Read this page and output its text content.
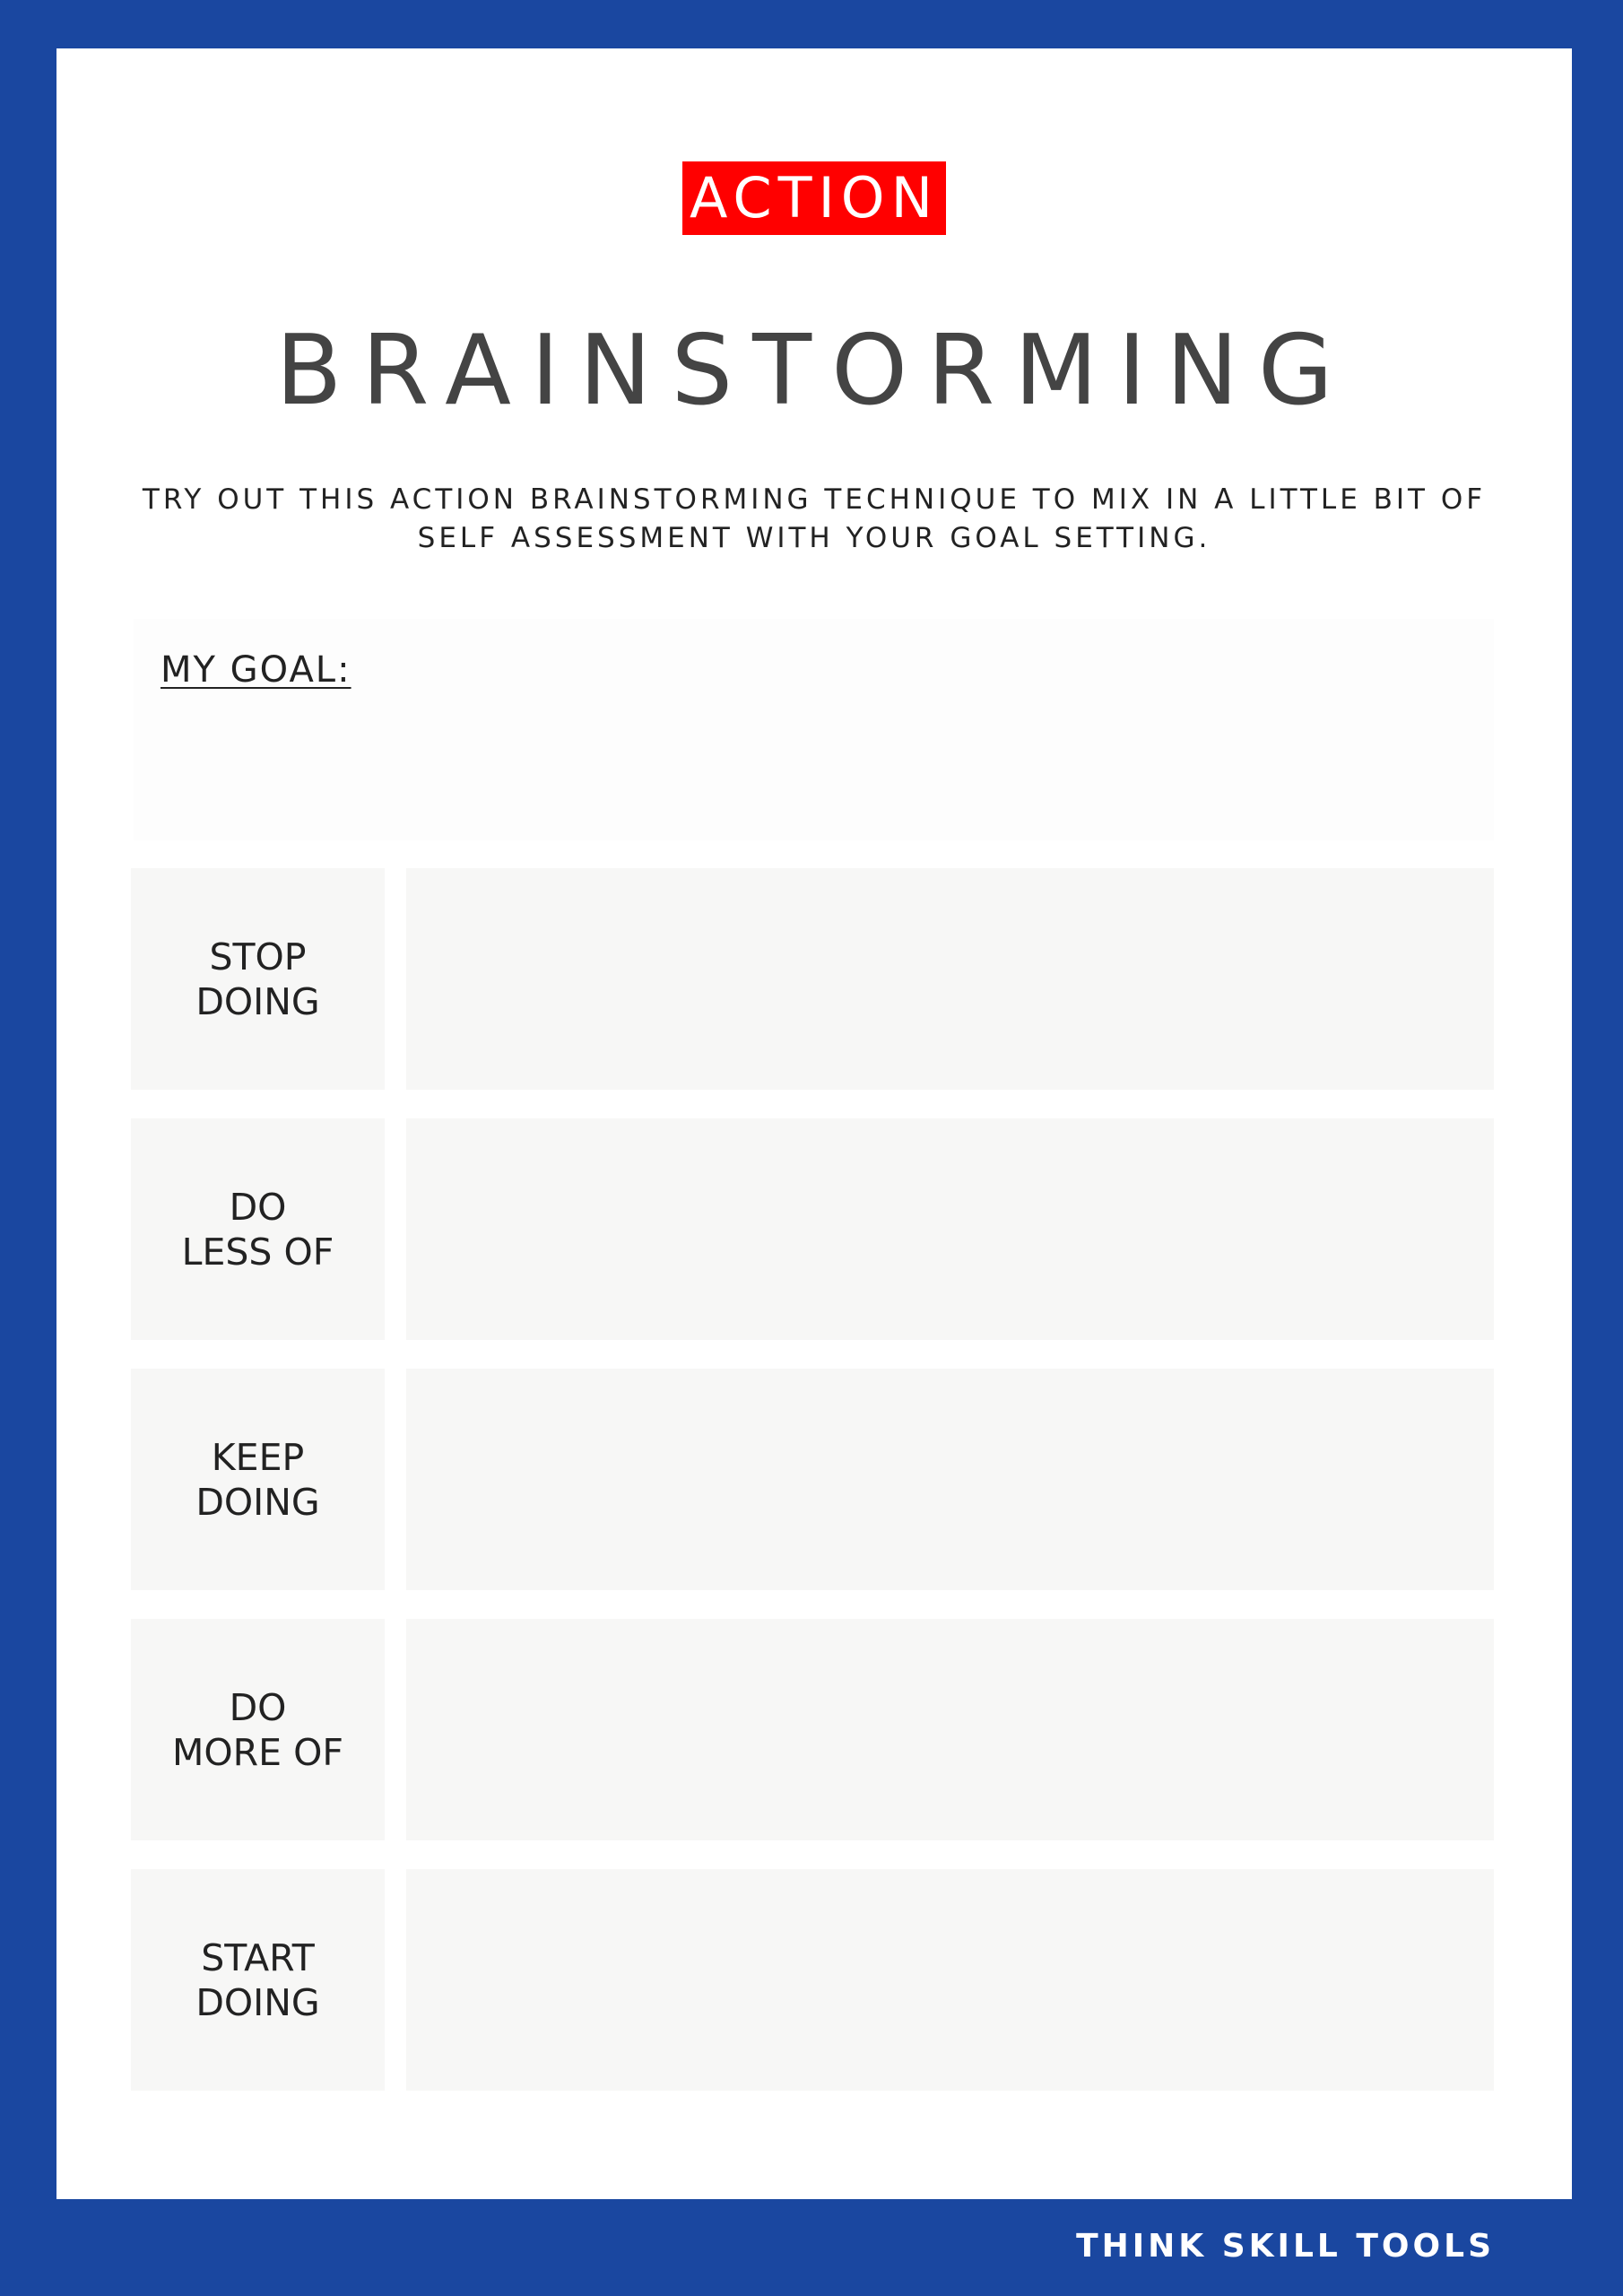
ACTION
BRAINSTORMING
TRY OUT THIS ACTION BRAINSTORMING TECHNIQUE TO MIX IN A LITTLE BIT OF SELF ASSESSMENT WITH YOUR GOAL SETTING.
MY GOAL:
STOP
DOING
DO
LESS OF
KEEP
DOING
DO
MORE OF
START
DOING
THINK SKILL TOOLS
